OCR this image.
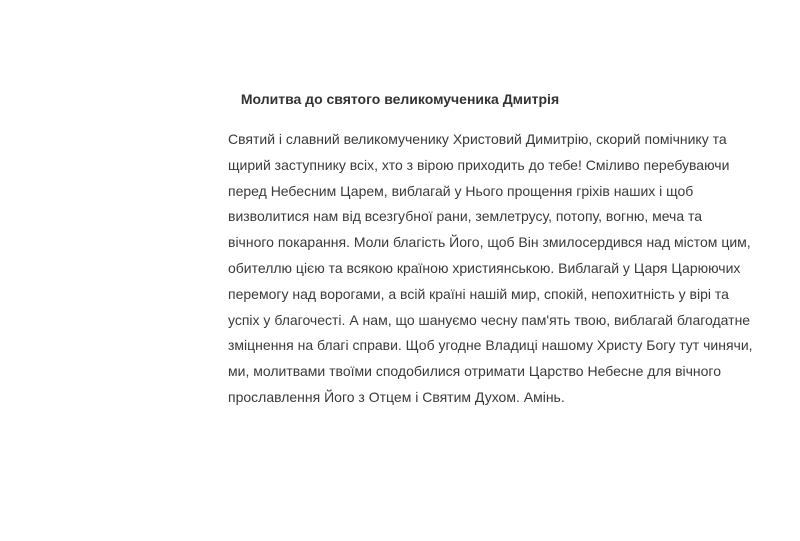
Молитва до святого великомученика Дмитрія

Святий і славний великомученику Христовий Димитрію, скорий помічнику та
щирий заступнику всіх, хто з вірою приходить до тебе! Сміливо перебуваючи
перед Небесним Царем, виблагай у Нього прощення гріхів наших і щоб
визволитися нам від всезгубної рани, землетрусу, потопу, вогню, меча та
вічного покарання. Моли благість Його, щоб Він змилосердився над містом цим,
обителлю цією та всякою країною християнською. Виблагай у Царя Царюючих
перемогу над ворогами, а всій країні нашій мир, спокій, непохитність у вірі та
успіх у благочесті. А нам, що шануємо чесну пам'ять твою, виблагай благодатне
зміцнення на благі справи. Щоб угодне Владиці нашому Христу Богу тут чинячи,
ми, молитвами твоїми сподобилися отримати Царство Небесне для вічного
прославлення Його з Отцем і Святим Духом. Амінь.
